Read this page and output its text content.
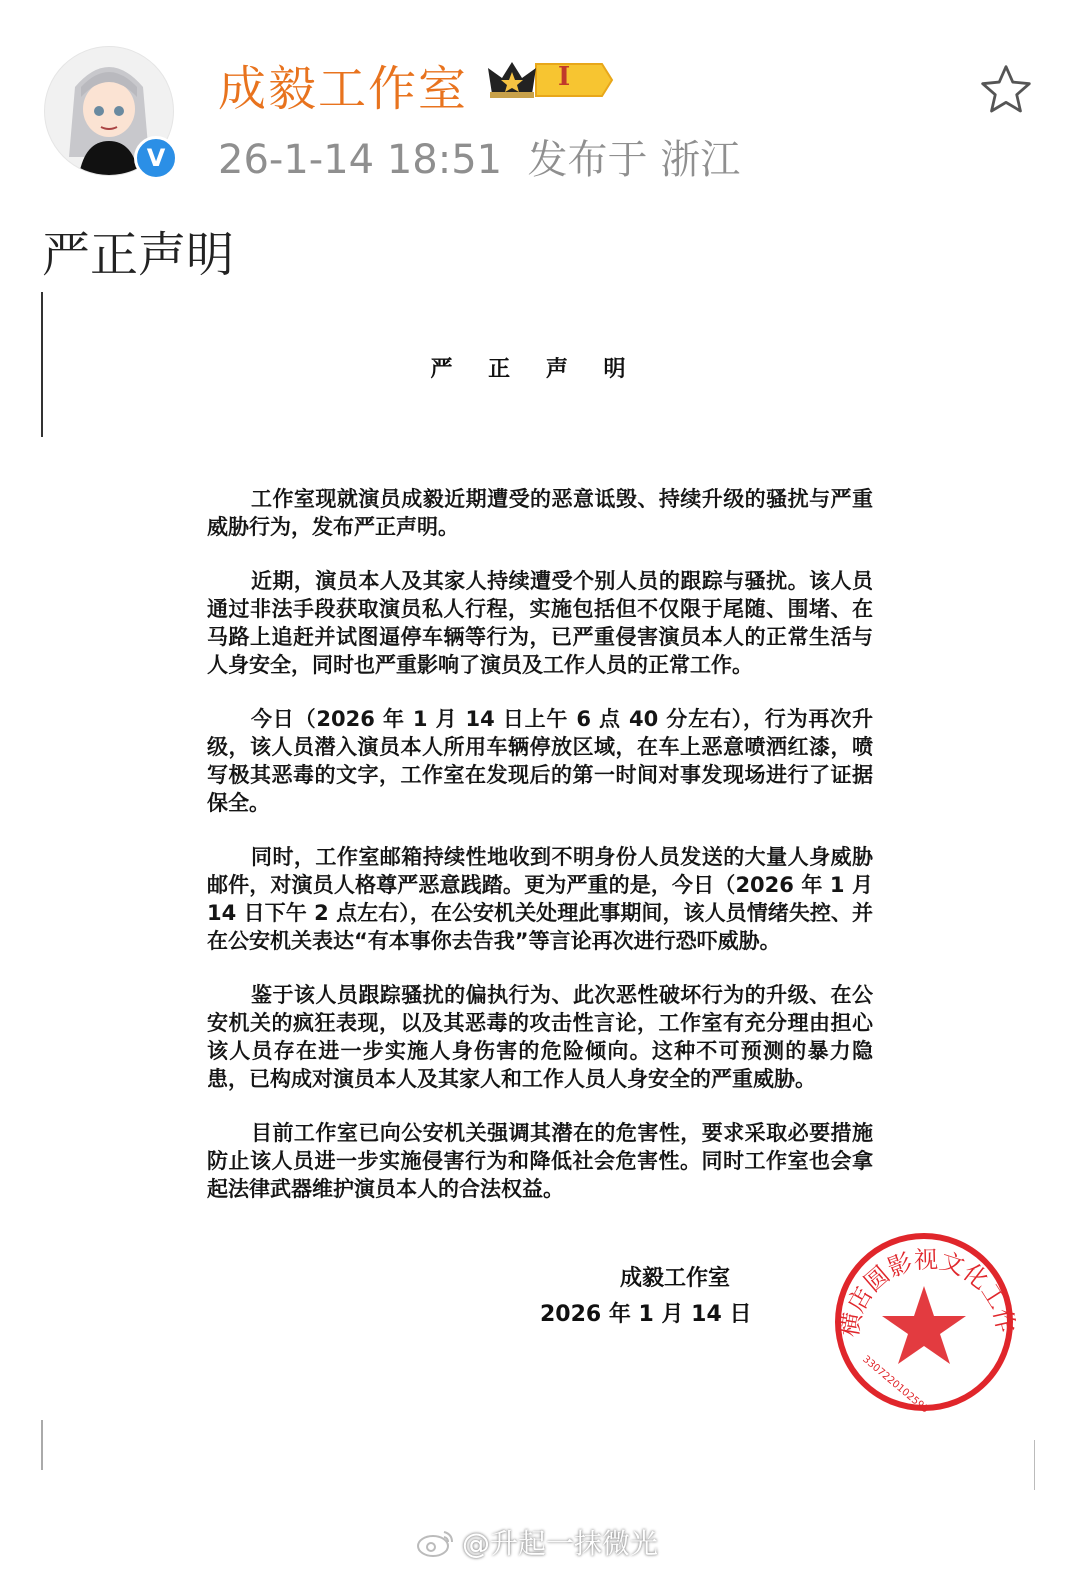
V
成毅工作室	I
26-1-14 18:51 发布于 浙江
严正声明
严 正 声 明

工作室现就演员成毅近期遭受的恶意诋毁、持续升级的骚扰与严重威胁行为，发布严正声明。

近期，演员本人及其家人持续遭受个别人员的跟踪与骚扰。该人员通过非法手段获取演员私人行程，实施包括但不仅限于尾随、围堵、在马路上追赶并试图逼停车辆等行为，已严重侵害演员本人的正常生活与人身安全，同时也严重影响了演员及工作人员的正常工作。

今日（2026 年 1 月 14 日上午 6 点 40 分左右），行为再次升级，该人员潜入演员本人所用车辆停放区域，在车上恶意喷洒红漆，喷写极其恶毒的文字，工作室在发现后的第一时间对事发现场进行了证据保全。

同时，工作室邮箱持续性地收到不明身份人员发送的大量人身威胁邮件，对演员人格尊严恶意践踏。更为严重的是，今日（2026 年 1 月 14 日下午 2 点左右），在公安机关处理此事期间，该人员情绪失控、并在公安机关表达“有本事你去告我”等言论再次进行恐吓威胁。

鉴于该人员跟踪骚扰的偏执行为、此次恶性破坏行为的升级、在公安机关的疯狂表现，以及其恶毒的攻击性言论，工作室有充分理由担心该人员存在进一步实施人身伤害的危险倾向。这种不可预测的暴力隐患，已构成对演员本人及其家人和工作人员人身安全的严重威胁。

目前工作室已向公安机关强调其潜在的危害性，要求采取必要措施防止该人员进一步实施侵害行为和降低社会危害性。同时工作室也会拿起法律武器维护演员本人的合法权益。

横店圆影视文化工作
3307220102595
成毅工作室
2026 年 1 月 14 日
@升起一抹微光
